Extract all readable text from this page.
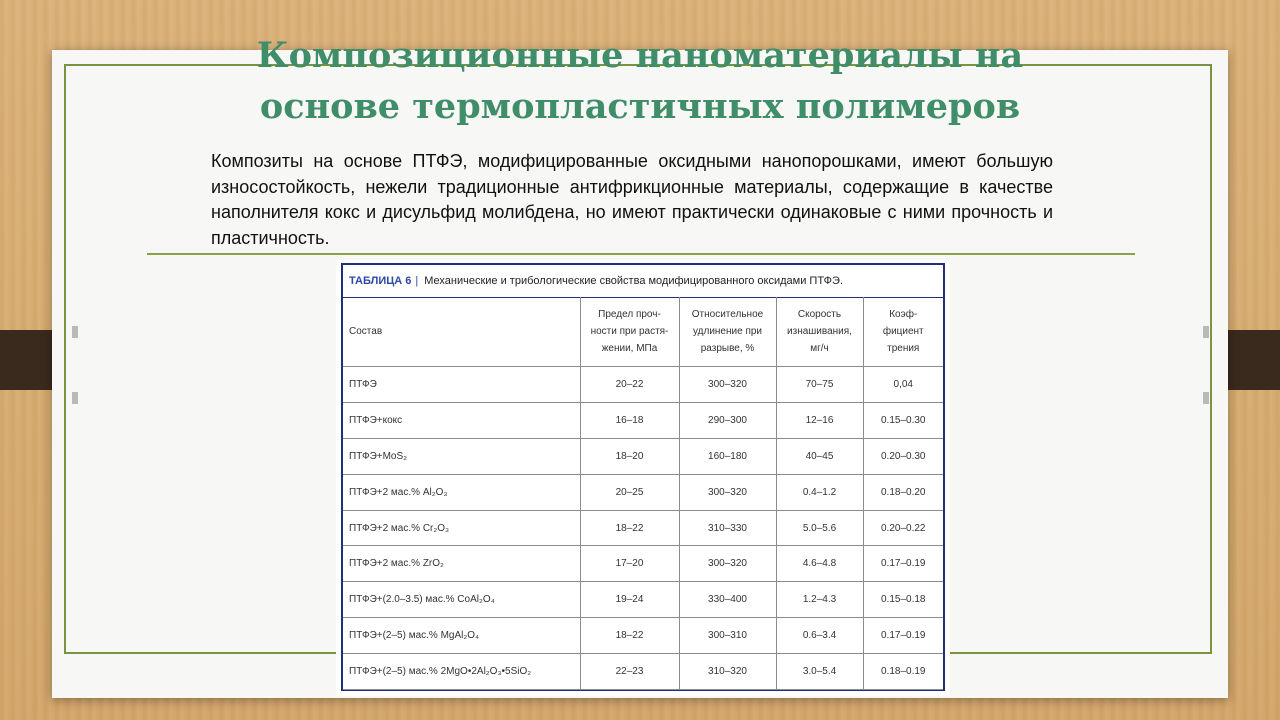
Композиционные наноматериалы на
основе термопластичных полимеров

Композиты на основе ПТФЭ, модифицированные оксидными нанопорошками, имеют большую износостойкость, нежели традиционные антифрикционные материалы, содержащие в качестве наполнителя кокс и дисульфид молибдена, но имеют практически одинаковые с ними прочность и пластичность.

ТАБЛИЦА 6 | Механические и трибологические свойства модифицированного оксидами ПТФЭ.
Состав	Предел проч- ности при растя- жении, МПа	Относительное удлинение при разрыве, %	Скорость изнашивания, мг/ч	Коэф- фициент трения
ПТФЭ	20–22	300–320	70–75	0,04
ПТФЭ+кокс	16–18	290–300	12–16	0.15–0.30
ПТФЭ+MoS₂	18–20	160–180	40–45	0.20–0.30
ПТФЭ+2 мас.% Al₂O₃	20–25	300–320	0.4–1.2	0.18–0.20
ПТФЭ+2 мас.% Cr₂O₃	18–22	310–330	5.0–5.6	0.20–0.22
ПТФЭ+2 мас.% ZrO₂	17–20	300–320	4.6–4.8	0.17–0.19
ПТФЭ+(2.0–3.5) мас.% CoAl₂O₄	19–24	330–400	1.2–4.3	0.15–0.18
ПТФЭ+(2–5) мас.% MgAl₂O₄	18–22	300–310	0.6–3.4	0.17–0.19
ПТФЭ+(2–5) мас.% 2MgO•2Al₂O₃•5SiO₂	22–23	310–320	3.0–5.4	0.18–0.19
